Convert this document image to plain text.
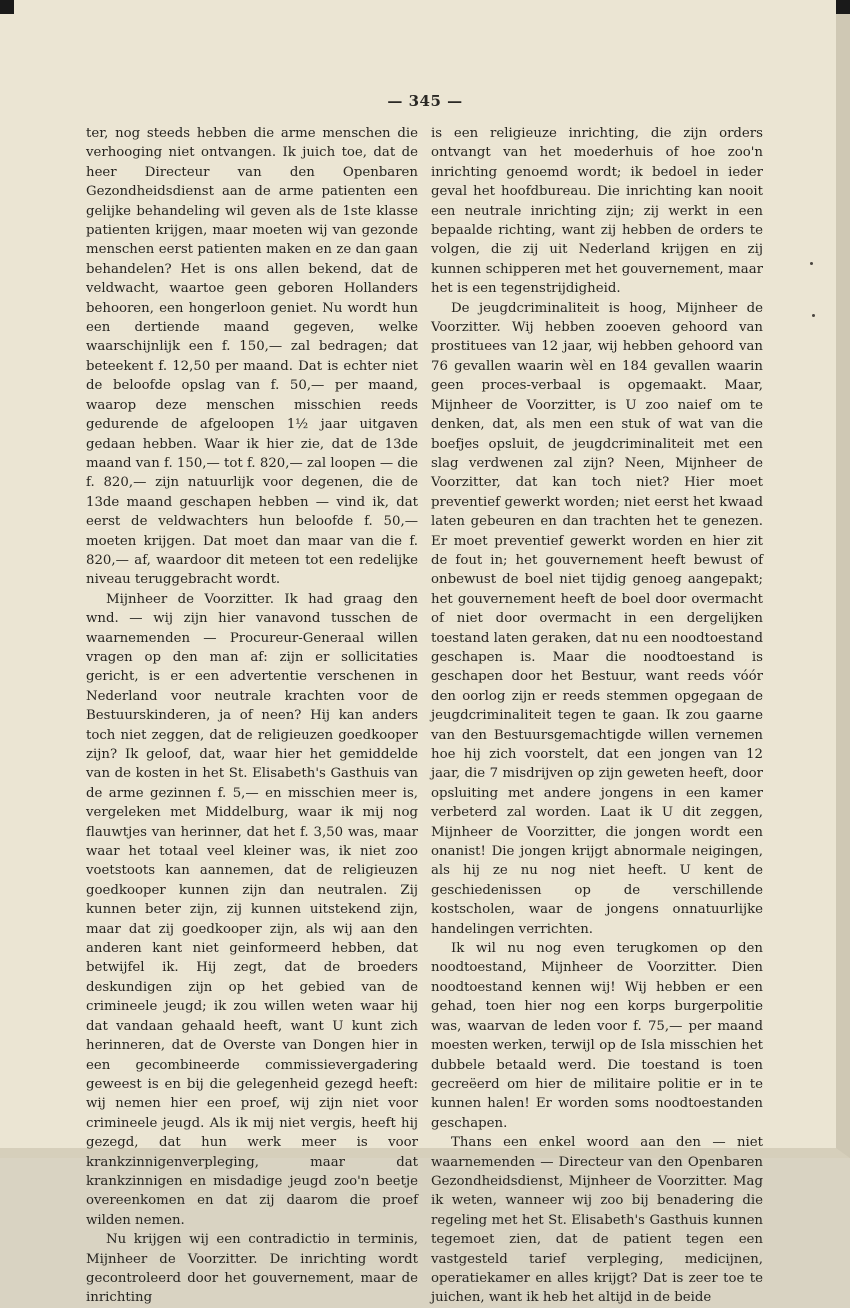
— 345 —

ter, nog steeds hebben die arme menschen die verhooging niet ontvangen. Ik juich toe, dat de heer Directeur van den Openbaren Gezondheidsdienst aan de arme patienten een gelijke behandeling wil geven als de 1ste klasse patienten krijgen, maar moeten wij van gezonde menschen eerst patienten maken en ze dan gaan behandelen? Het is ons allen bekend, dat de veldwacht, waartoe geen geboren Hollanders behooren, een hongerloon geniet. Nu wordt hun een dertiende maand gegeven, welke waarschijnlijk een f. 150,— zal bedragen; dat beteekent f. 12,50 per maand. Dat is echter niet de beloofde opslag van f. 50,— per maand, waarop deze menschen misschien reeds gedurende de afgeloopen 1½ jaar uitgaven gedaan hebben. Waar ik hier zie, dat de 13de maand van f. 150,— tot f. 820,— zal loopen — die f. 820,— zijn natuurlijk voor degenen, die de 13de maand geschapen hebben — vind ik, dat eerst de veldwachters hun beloofde f. 50,— moeten krijgen. Dat moet dan maar van die f. 820,— af, waardoor dit meteen tot een redelijke niveau teruggebracht wordt.

Mijnheer de Voorzitter. Ik had graag den wnd. — wij zijn hier vanavond tusschen de waarnemenden — Procureur-Generaal willen vragen op den man af: zijn er sollicitaties gericht, is er een advertentie verschenen in Nederland voor neutrale krachten voor de Bestuurskinderen, ja of neen? Hij kan anders toch niet zeggen, dat de religieuzen goedkooper zijn? Ik geloof, dat, waar hier het gemiddelde van de kosten in het St. Elisabeth's Gasthuis van de arme gezinnen f. 5,— en misschien meer is, vergeleken met Middelburg, waar ik mij nog flauwtjes van herinner, dat het f. 3,50 was, maar waar het totaal veel kleiner was, ik niet zoo voetstoots kan aannemen, dat de religieuzen goedkooper kunnen zijn dan neutralen. Zij kunnen beter zijn, zij kunnen uitstekend zijn, maar dat zij goedkooper zijn, als wij aan den anderen kant niet geinformeerd hebben, dat betwijfel ik. Hij zegt, dat de broeders deskundigen zijn op het gebied van de crimineele jeugd; ik zou willen weten waar hij dat vandaan gehaald heeft, want U kunt zich herinneren, dat de Overste van Dongen hier in een gecombineerde commissievergadering geweest is en bij die gelegenheid gezegd heeft: wij nemen hier een proef, wij zijn niet voor crimineele jeugd. Als ik mij niet vergis, heeft hij gezegd, dat hun werk meer is voor krankzinnigenverpleging, maar dat krankzinnigen en misdadige jeugd zoo'n beetje overeenkomen en dat zij daarom die proef wilden nemen.

Nu krijgen wij een contradictio in terminis, Mijnheer de Voorzitter. De inrichting wordt gecontroleerd door het gouvernement, maar de inrichting

is een religieuze inrichting, die zijn orders ontvangt van het moederhuis of hoe zoo'n inrichting genoemd wordt; ik bedoel in ieder geval het hoofdbureau. Die inrichting kan nooit een neutrale inrichting zijn; zij werkt in een bepaalde richting, want zij hebben de orders te volgen, die zij uit Nederland krijgen en zij kunnen schipperen met het gouvernement, maar het is een tegenstrijdigheid.

De jeugdcriminaliteit is hoog, Mijnheer de Voorzitter. Wij hebben zooeven gehoord van prostituees van 12 jaar, wij hebben gehoord van 76 gevallen waarin wèl en 184 gevallen waarin geen proces-verbaal is opgemaakt. Maar, Mijnheer de Voorzitter, is U zoo naief om te denken, dat, als men een stuk of wat van die boefjes opsluit, de jeugdcriminaliteit met een slag verdwenen zal zijn? Neen, Mijnheer de Voorzitter, dat kan toch niet? Hier moet preventief gewerkt worden; niet eerst het kwaad laten gebeuren en dan trachten het te genezen. Er moet preventief gewerkt worden en hier zit de fout in; het gouvernement heeft bewust of onbewust de boel niet tijdig genoeg aangepakt; het gouvernement heeft de boel door overmacht of niet door overmacht in een dergelijken toestand laten geraken, dat nu een noodtoestand geschapen is. Maar die noodtoestand is geschapen door het Bestuur, want reeds vóór den oorlog zijn er reeds stemmen opgegaan de jeugdcriminaliteit tegen te gaan. Ik zou gaarne van den Bestuursgemachtigde willen vernemen hoe hij zich voorstelt, dat een jongen van 12 jaar, die 7 misdrijven op zijn geweten heeft, door opsluiting met andere jongens in een kamer verbeterd zal worden. Laat ik U dit zeggen, Mijnheer de Voorzitter, die jongen wordt een onanist! Die jongen krijgt abnormale neigingen, als hij ze nu nog niet heeft. U kent de geschiedenissen op de verschillende kostscholen, waar de jongens onnatuurlijke handelingen verrichten.

Ik wil nu nog even terugkomen op den noodtoestand, Mijnheer de Voorzitter. Dien noodtoestand kennen wij! Wij hebben er een gehad, toen hier nog een korps burgerpolitie was, waarvan de leden voor f. 75,— per maand moesten werken, terwijl op de Isla misschien het dubbele betaald werd. Die toestand is toen gecreëerd om hier de militaire politie er in te kunnen halen! Er worden soms noodtoestanden geschapen.

Thans een enkel woord aan den — niet waarnemenden — Directeur van den Openbaren Gezondheidsdienst, Mijnheer de Voorzitter. Mag ik weten, wanneer wij zoo bij benadering die regeling met het St. Elisabeth's Gasthuis kunnen tegemoet zien, dat de patient tegen een vastgesteld tarief verpleging, medicijnen, operatiekamer en alles krijgt? Dat is zeer toe te juichen, want ik heb het altijd in de beide
